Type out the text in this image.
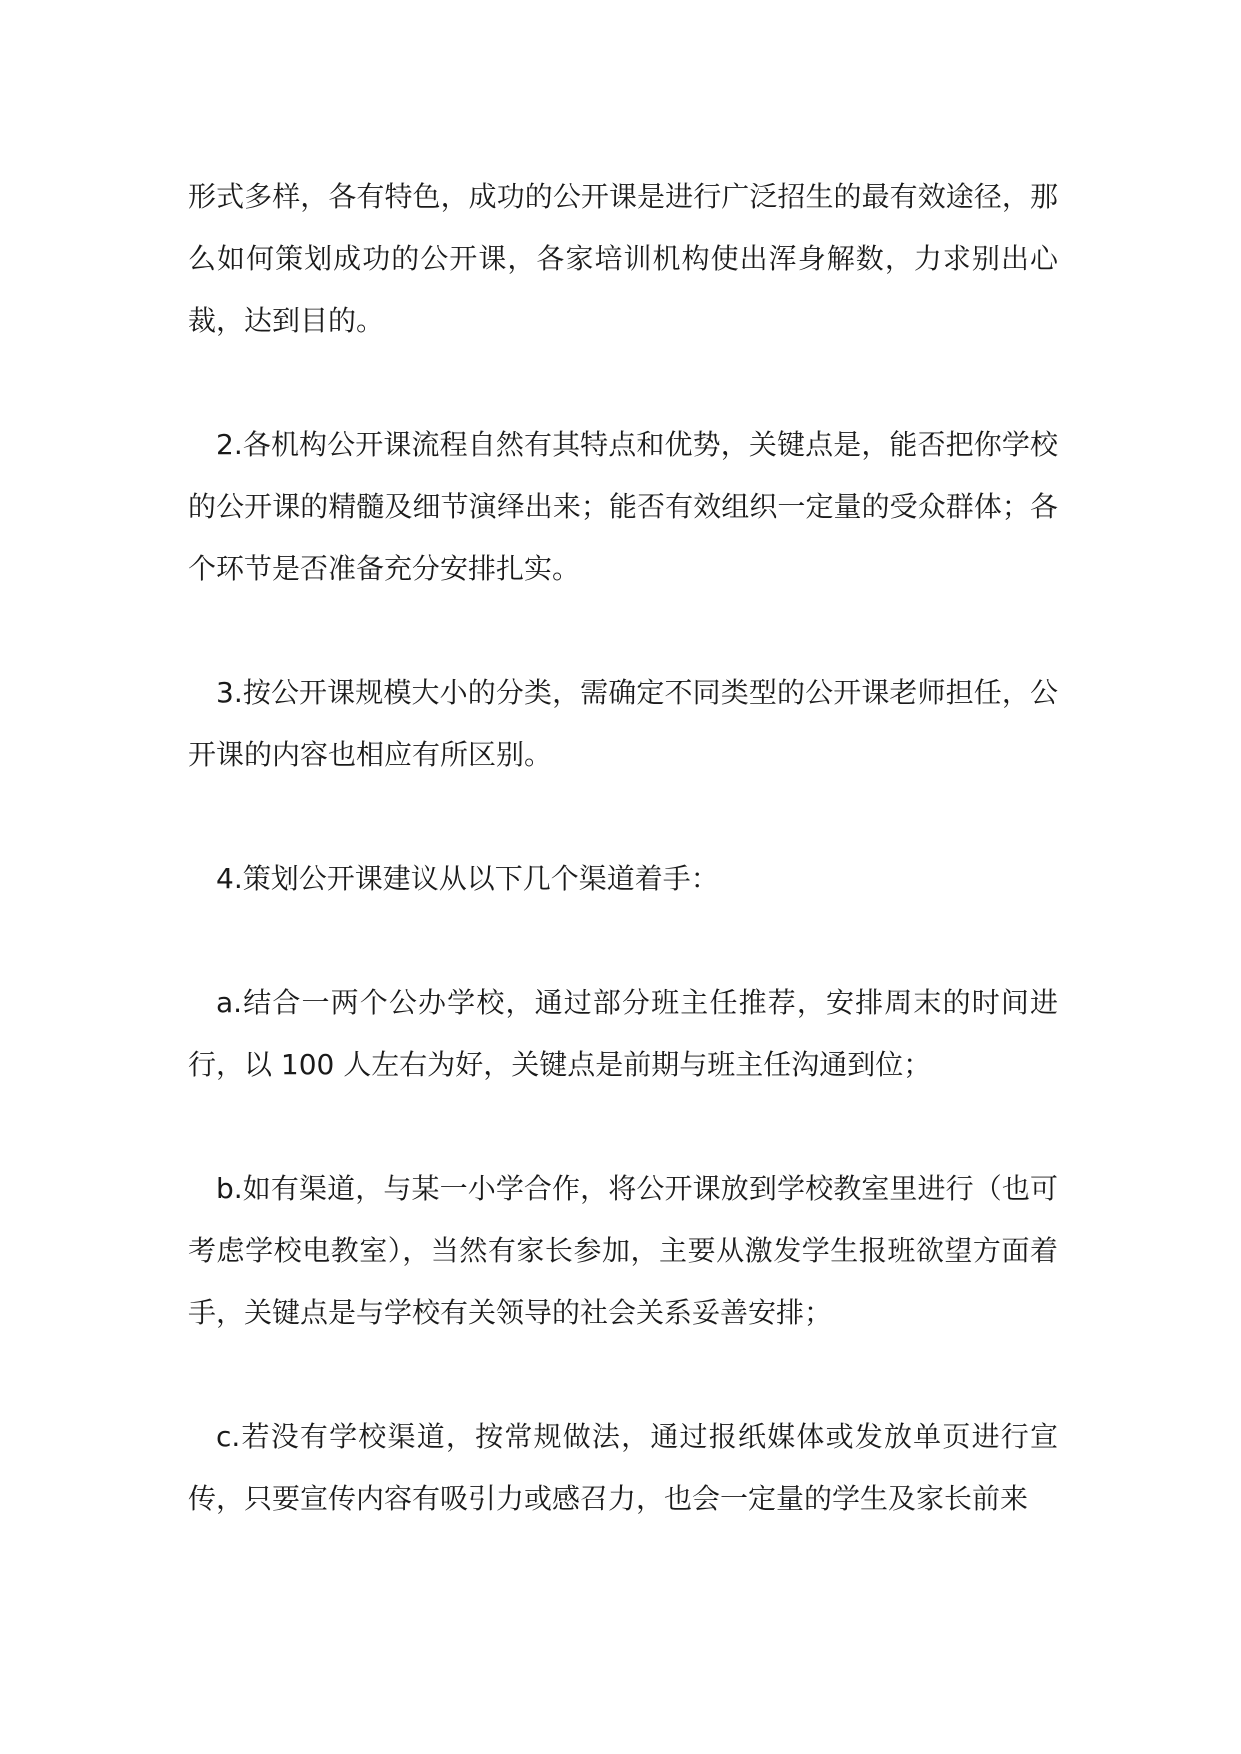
形式多样，各有特色，成功的公开课是进行广泛招生的最有效途径，那么如何策划成功的公开课，各家培训机构使出浑身解数，力求别出心裁，达到目的。

2.各机构公开课流程自然有其特点和优势，关键点是，能否把你学校的公开课的精髓及细节演绎出来；能否有效组织一定量的受众群体；各个环节是否准备充分安排扎实。

3.按公开课规模大小的分类，需确定不同类型的公开课老师担任，公开课的内容也相应有所区别。

4.策划公开课建议从以下几个渠道着手：

a.结合一两个公办学校，通过部分班主任推荐，安排周末的时间进行，以 100 人左右为好，关键点是前期与班主任沟通到位；

b.如有渠道，与某一小学合作，将公开课放到学校教室里进行（也可考虑学校电教室），当然有家长参加，主要从激发学生报班欲望方面着手，关键点是与学校有关领导的社会关系妥善安排；

c.若没有学校渠道，按常规做法，通过报纸媒体或发放单页进行宣传，只要宣传内容有吸引力或感召力，也会一定量的学生及家长前来
